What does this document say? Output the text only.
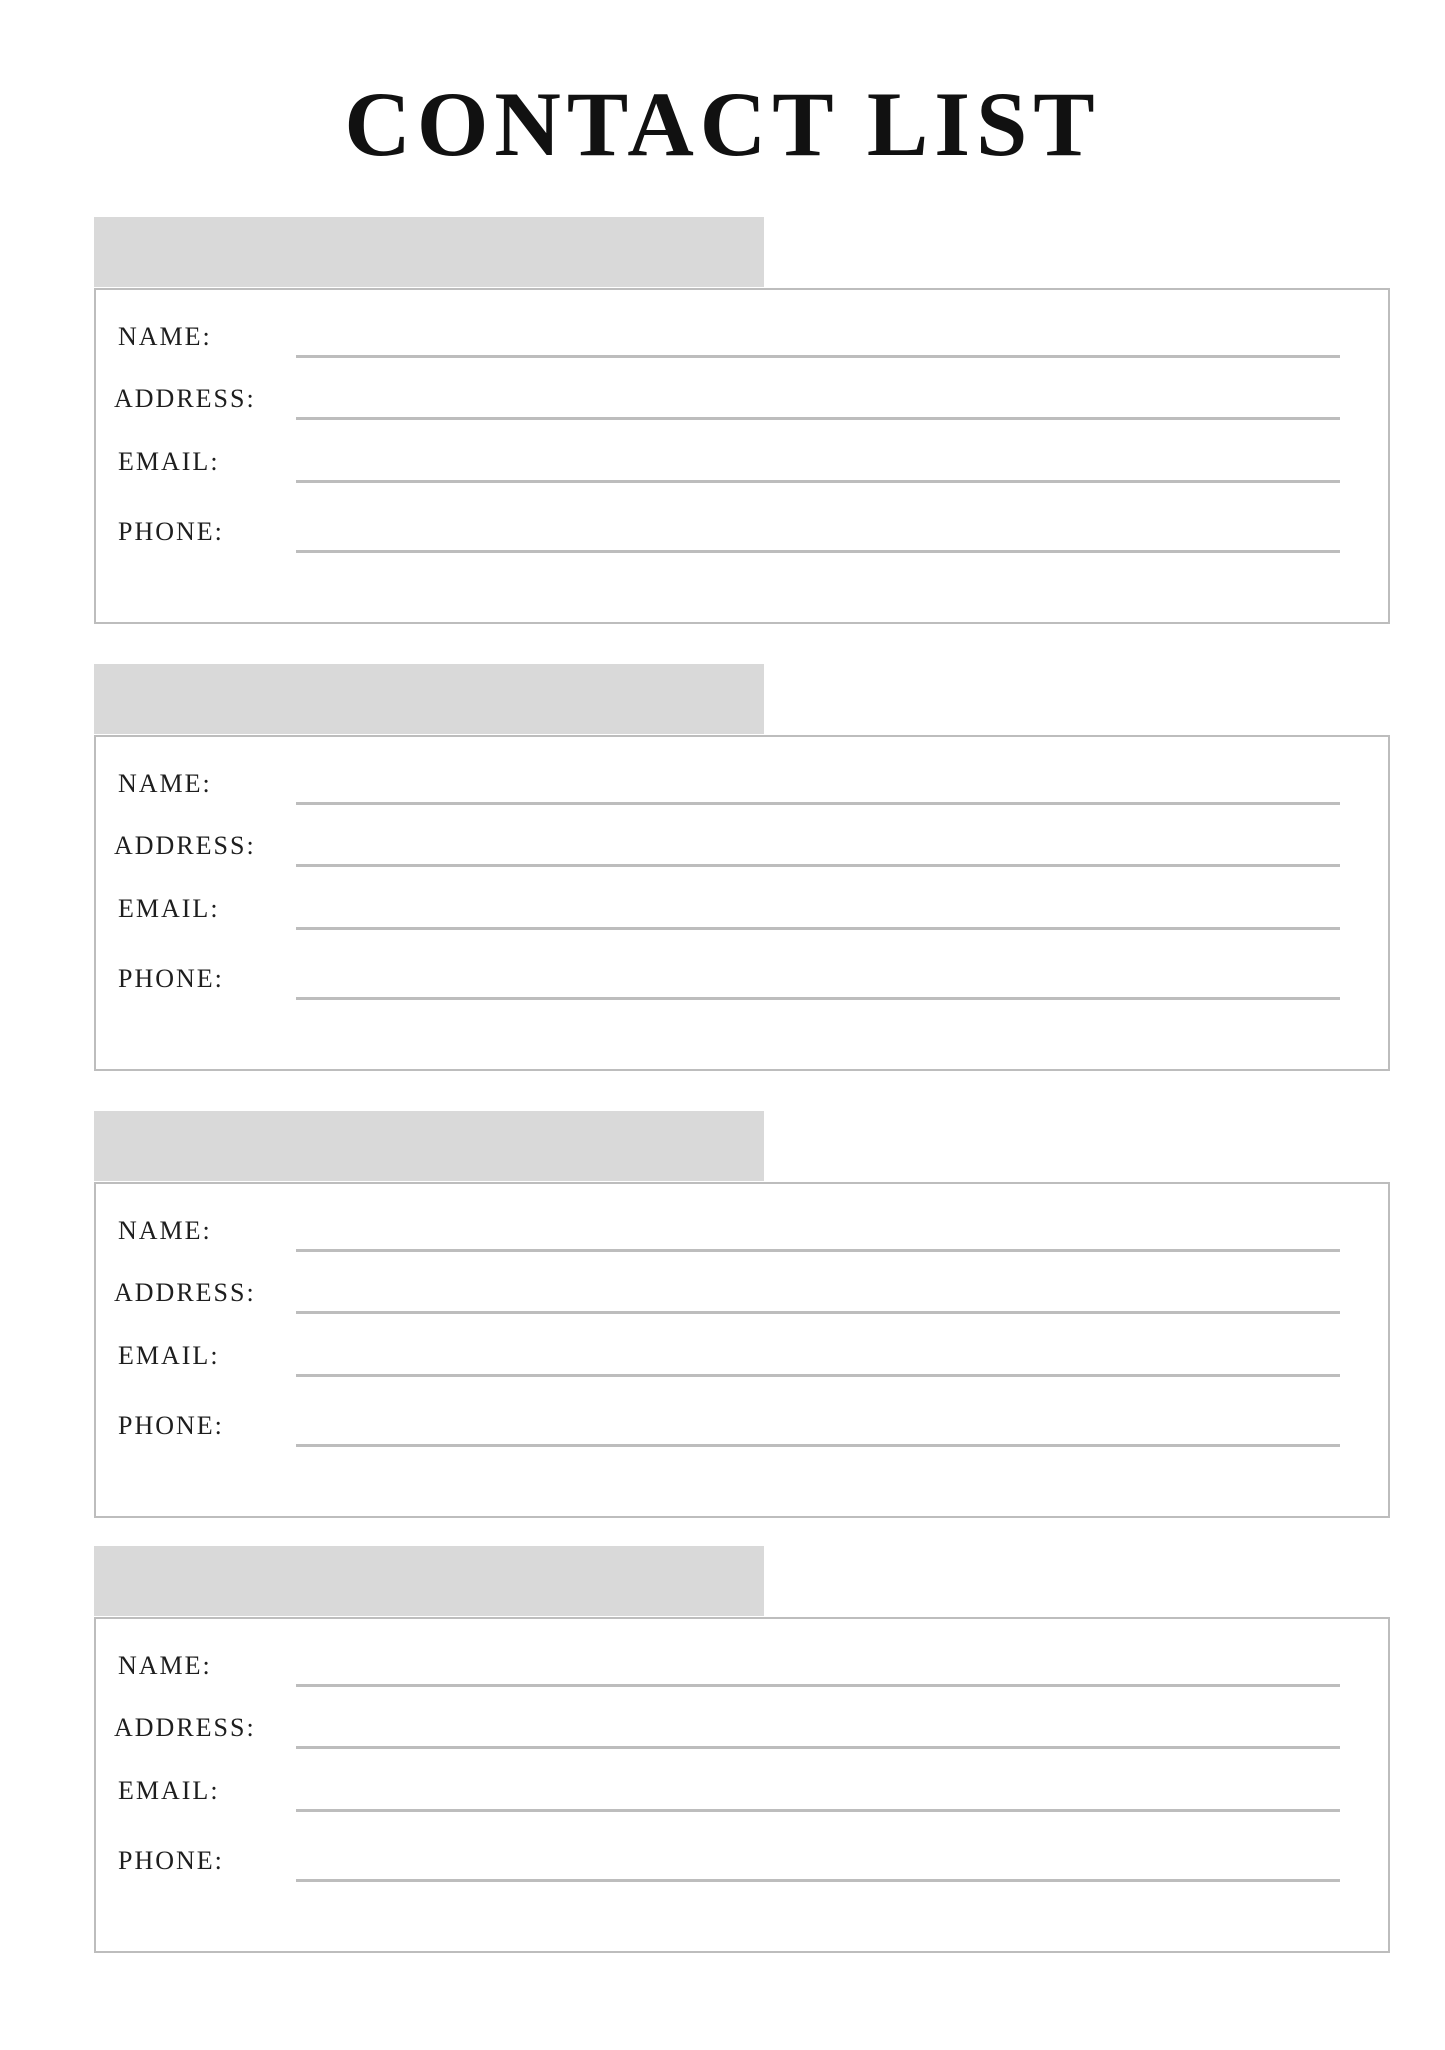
CONTACT LIST
NAME:
ADDRESS:
EMAIL:
PHONE:
NAME:
ADDRESS:
EMAIL:
PHONE:
NAME:
ADDRESS:
EMAIL:
PHONE:
NAME:
ADDRESS:
EMAIL:
PHONE:
